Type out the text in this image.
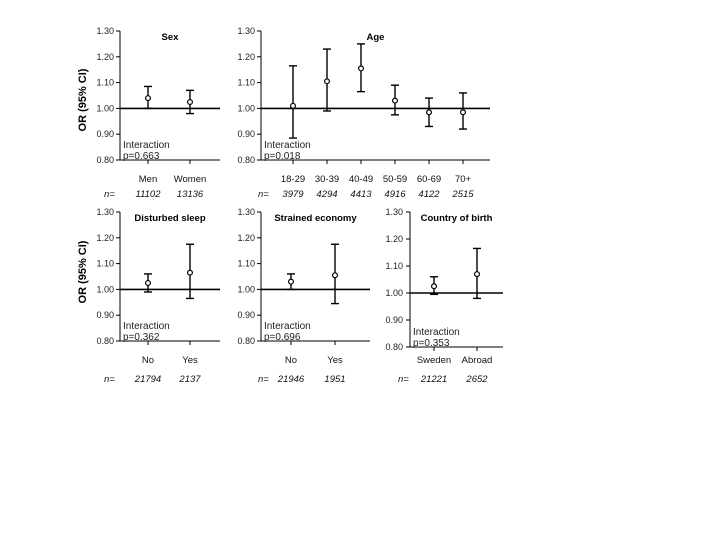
OR (95% CI)
OR (95% CI)
0.80
0.90
1.00
1.10
1.20
1.30
Sex
Interaction
p=0.663
n=
Men
11102
Women
13136
0.80
0.90
1.00
1.10
1.20
1.30
Age
Interaction
p=0.018
n=
18-29
3979
30-39
4294
40-49
4413
50-59
4916
60-69
4122
70+
2515
0.80
0.90
1.00
1.10
1.20
1.30
Disturbed sleep
Interaction
p=0.362
n=
No
21794
Yes
2137
0.80
0.90
1.00
1.10
1.20
1.30
Strained economy
Interaction
p=0.696
n=
No
21946
Yes
1951
0.80
0.90
1.00
1.10
1.20
1.30
Country of birth
Interaction
p=0.353
n=
Sweden
21221
Abroad
2652
